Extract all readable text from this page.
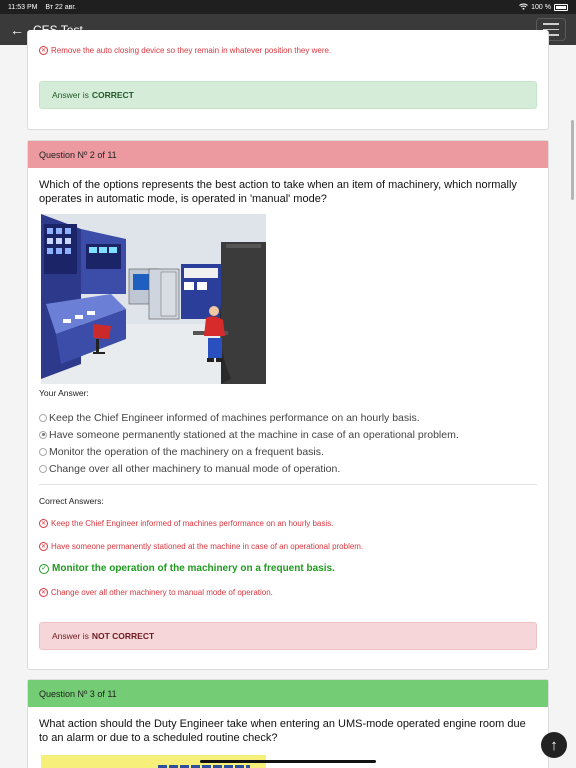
11:53 PM Вт 22 авг.	100 %
←
✕ Remove the auto closing device so they remain in whatever position they were.
Answer is CORRECT
Question Nº 2 of 11
Which of the options represents the best action to take when an item of machinery, which normally operates in automatic mode, is operated in 'manual' mode?
Your Answer:
Keep the Chief Engineer informed of machines performance on an hourly basis.
Have someone permanently stationed at the machine in case of an operational problem.
Monitor the operation of the machinery on a frequent basis.
Change over all other machinery to manual mode of operation.
Correct Answers:
✕ Keep the Chief Engineer informed of machines performance on an hourly basis.
✕ Have someone permanently stationed at the machine in case of an operational problem.
✓ Monitor the operation of the machinery on a frequent basis.
✕ Change over all other machinery to manual mode of operation.
Answer is NOT CORRECT
Question Nº 3 of 11
What action should the Duty Engineer take when entering an UMS-mode operated engine room due to an alarm or due to a scheduled routine check?	↑
